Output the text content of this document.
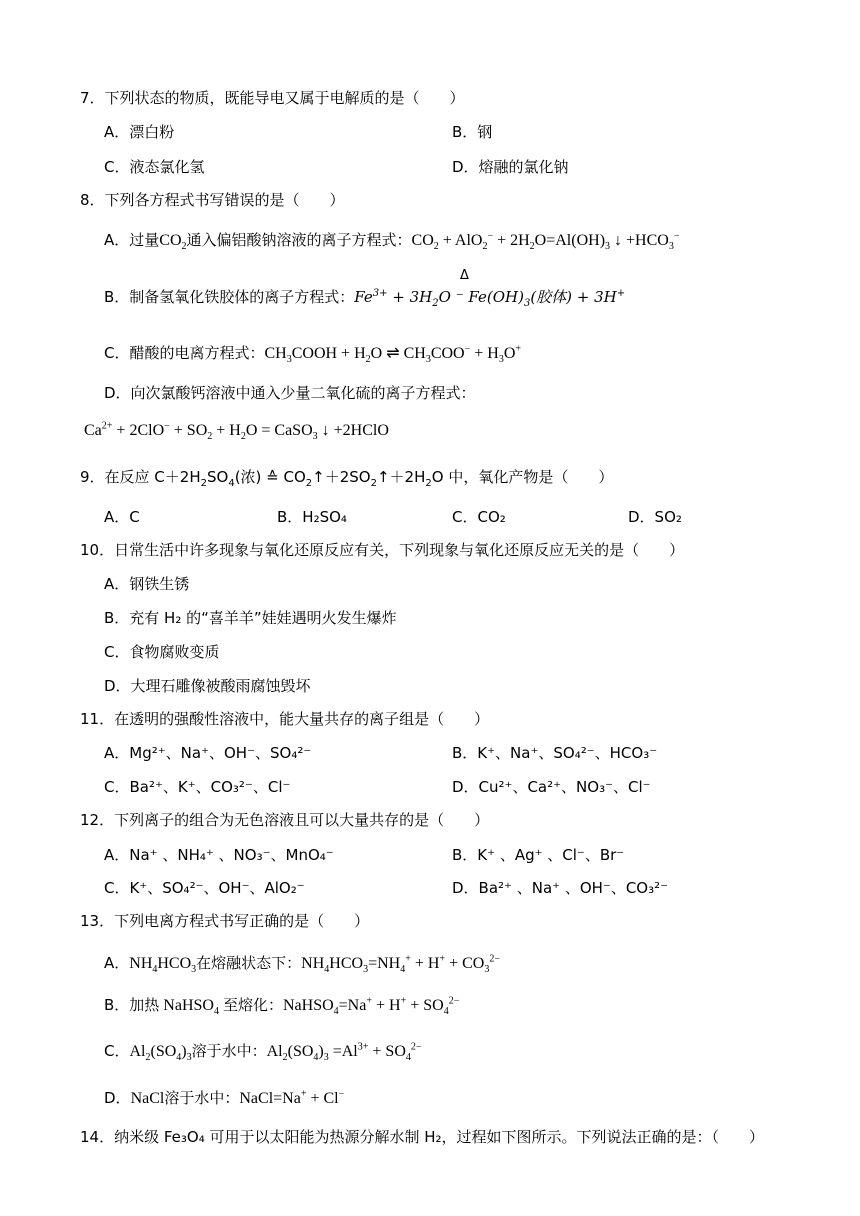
7．下列状态的物质，既能导电又属于电解质的是（　　）
A．漂白粉	B．钢
C．液态氯化氢	D．熔融的氯化钠
8．下列各方程式书写错误的是（　　）
A．过量$CO_2$通入偏铝酸钠溶液的离子方程式：$CO_2 + AlO_2^- + 2H_2O=Al(OH)_3$ ↓ $+HCO_3^-$
Δ
B．制备氢氧化铁胶体的离子方程式：$Fe^{3+} + 3H_2O$ ⁻ $Fe(OH)_3$(胶体) + 3H+
C．醋酸的电离方程式：$CH_3COOH + H_2O$ ⇌ $CH_3COO^- + H_3O^+$
D．向次氯酸钙溶液中通入少量二氧化硫的离子方程式：
$Ca^{2+} + 2ClO^- + SO_2 + H_2O$ = CaSO$_3$ ↓ +2HClO
9．在反应 $C+2H_2SO_4$(浓) ≙ $CO_2↑+2SO_2↑+2H_2O$ 中，氧化产物是（　　）
A．C	B．H₂SO₄	C．CO₂	D．SO₂
10．日常生活中许多现象与氧化还原反应有关，下列现象与氧化还原反应无关的是（　　）
A．钢铁生锈
B．充有 H₂ 的“喜羊羊”娃娃遇明火发生爆炸
C．食物腐败变质
D．大理石雕像被酸雨腐蚀毁坏
11．在透明的强酸性溶液中，能大量共存的离子组是（　　）
A．Mg²⁺、Na⁺、OH⁻、SO₄²⁻	B．K⁺、Na⁺、SO₄²⁻、HCO₃⁻
C．Ba²⁺、K⁺、CO₃²⁻、Cl⁻	D．Cu²⁺、Ca²⁺、NO₃⁻、Cl⁻
12．下列离子的组合为无色溶液且可以大量共存的是（　　）
A．Na⁺ 、NH₄⁺ 、NO₃⁻、MnO₄⁻	B．K⁺ 、Ag⁺ 、Cl⁻、Br⁻
C．K⁺、SO₄²⁻、OH⁻、AlO₂⁻	D．Ba²⁺ 、Na⁺ 、OH⁻、CO₃²⁻
13．下列电离方程式书写正确的是（　　）
A．$NH_4HCO_3$在熔融状态下：$NH_4HCO_3=NH_4^+ + H^+ + CO_3^{2-}$
B．加热 NaHSO$_4$ 至熔化：NaHSO$_4$=Na+ + $H^+ + SO_4^{2-}$
C．$Al_2(SO_4)_3$溶于水中：$Al_2(SO_4)_3 =Al^{3+} + SO_4^{2-}$
D．NaCl溶于水中：NaCl=Na+ + Cl−
14．纳米级 Fe₃O₄ 可用于以太阳能为热源分解水制 H₂，过程如下图所示。下列说法正确的是：（　　）
